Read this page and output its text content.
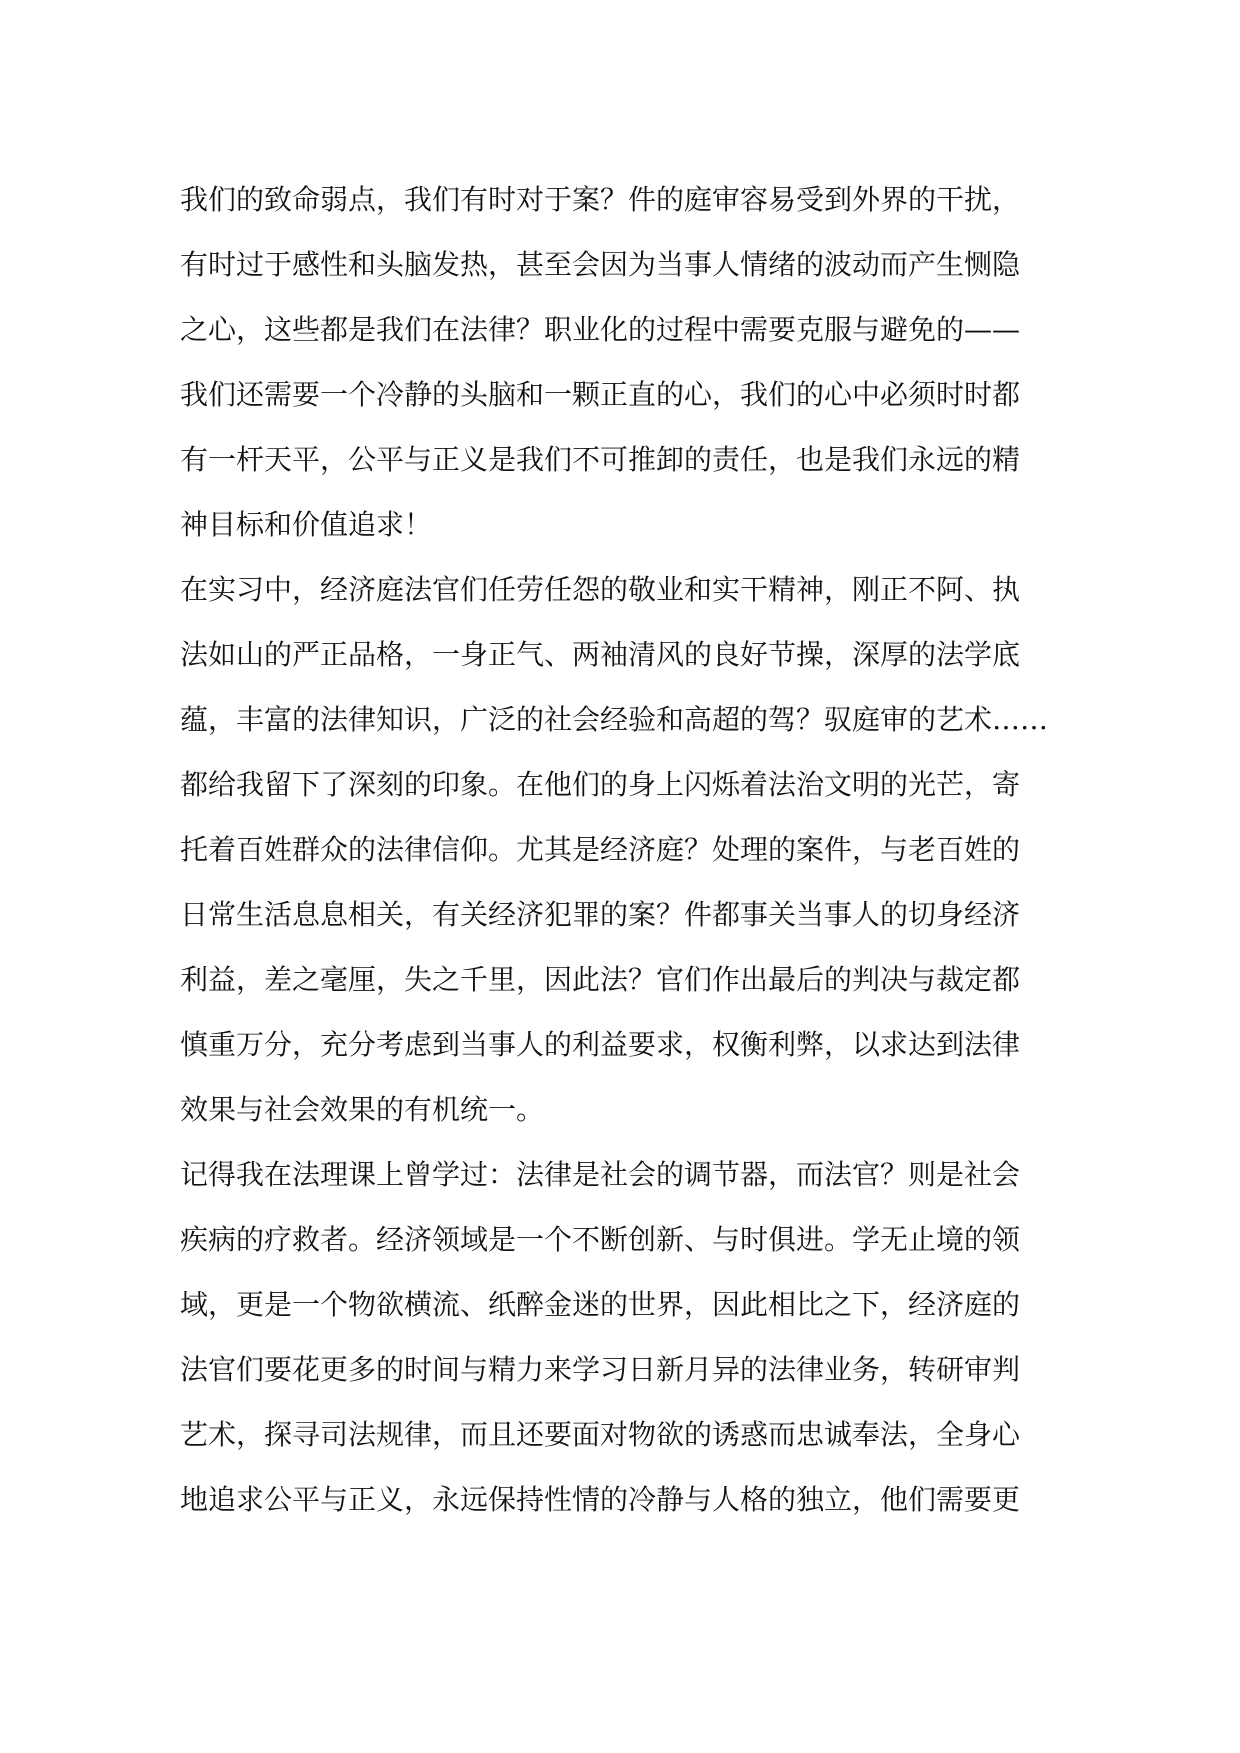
我们的致命弱点，我们有时对于案？件的庭审容易受到外界的干扰，
有时过于感性和头脑发热，甚至会因为当事人情绪的波动而产生恻隐
之心，这些都是我们在法律？职业化的过程中需要克服与避免的——
我们还需要一个冷静的头脑和一颗正直的心，我们的心中必须时时都
有一杆天平，公平与正义是我们不可推卸的责任，也是我们永远的精
神目标和价值追求！
在实习中，经济庭法官们任劳任怨的敬业和实干精神，刚正不阿、执
法如山的严正品格，一身正气、两袖清风的良好节操，深厚的法学底
蕴，丰富的法律知识，广泛的社会经验和高超的驾？驭庭审的艺术……
都给我留下了深刻的印象。在他们的身上闪烁着法治文明的光芒，寄
托着百姓群众的法律信仰。尤其是经济庭？处理的案件，与老百姓的
日常生活息息相关，有关经济犯罪的案？件都事关当事人的切身经济
利益，差之毫厘，失之千里，因此法？官们作出最后的判决与裁定都
慎重万分，充分考虑到当事人的利益要求，权衡利弊，以求达到法律
效果与社会效果的有机统一。
记得我在法理课上曾学过：法律是社会的调节器，而法官？则是社会
疾病的疗救者。经济领域是一个不断创新、与时俱进。学无止境的领
域，更是一个物欲横流、纸醉金迷的世界，因此相比之下，经济庭的
法官们要花更多的时间与精力来学习日新月异的法律业务，转研审判
艺术，探寻司法规律，而且还要面对物欲的诱惑而忠诚奉法，全身心
地追求公平与正义，永远保持性情的冷静与人格的独立，他们需要更
